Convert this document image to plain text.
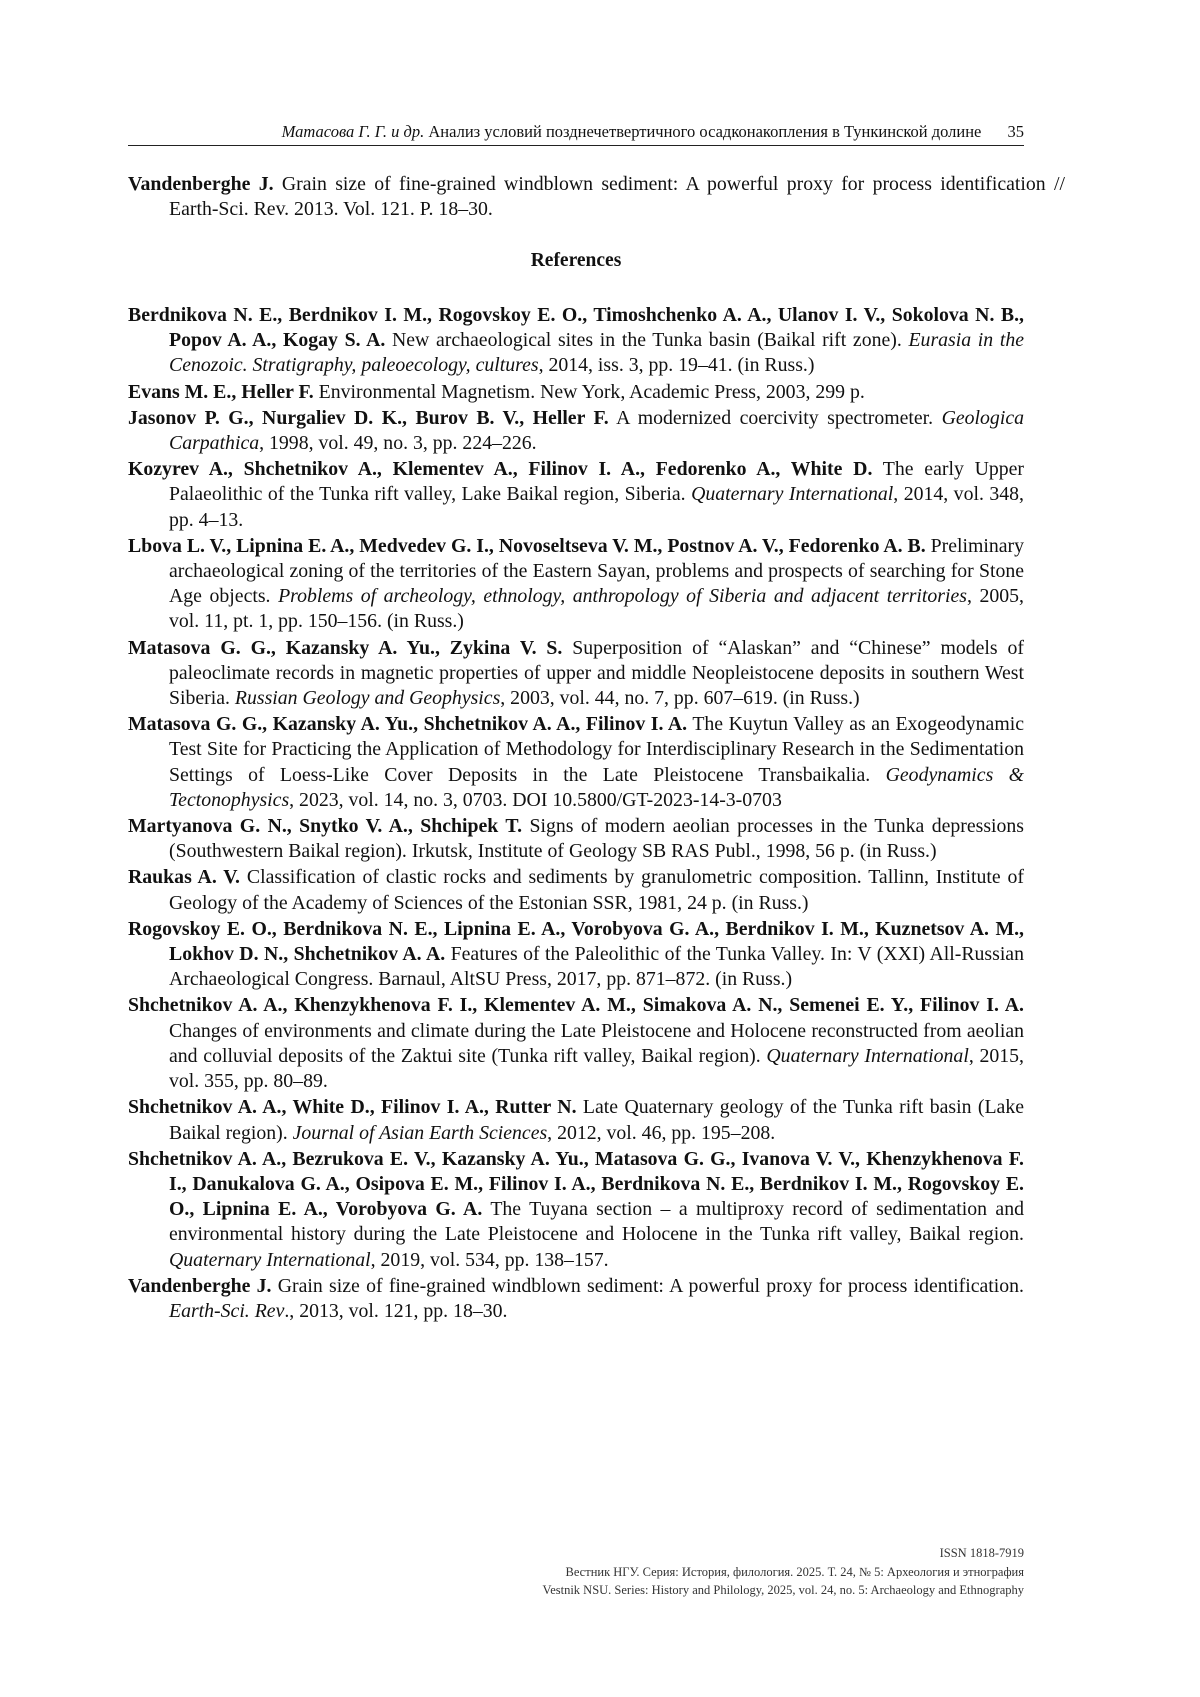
Матасова Г. Г. и др. Анализ условий позднечетвертичного осадконакопления в Тункинской долине 35
Vandenberghe J. Grain size of fine-grained windblown sediment: A powerful proxy for process identification // Earth-Sci. Rev. 2013. Vol. 121. P. 18–30.
References

Berdnikova N. E., Berdnikov I. M., Rogovskoy E. O., Timoshchenko A. A., Ulanov I. V., Sokolova N. B., Popov A. A., Kogay S. A. New archaeological sites in the Tunka basin (Baikal rift zone). Eurasia in the Cenozoic. Stratigraphy, paleoecology, cultures, 2014, iss. 3, pp. 19–41. (in Russ.)

Evans M. E., Heller F. Environmental Magnetism. New York, Academic Press, 2003, 299 p.

Jasonov P. G., Nurgaliev D. K., Burov B. V., Heller F. A modernized coercivity spectrometer. Geologica Carpathica, 1998, vol. 49, no. 3, pp. 224–226.

Kozyrev A., Shchetnikov A., Klementev A., Filinov I. A., Fedorenko A., White D. The early Upper Palaeolithic of the Tunka rift valley, Lake Baikal region, Siberia. Quaternary International, 2014, vol. 348, pp. 4–13.

Lbova L. V., Lipnina E. A., Medvedev G. I., Novoseltseva V. M., Postnov A. V., Fedorenko A. B. Preliminary archaeological zoning of the territories of the Eastern Sayan, problems and prospects of searching for Stone Age objects. Problems of archeology, ethnology, anthropology of Siberia and adjacent territories, 2005, vol. 11, pt. 1, pp. 150–156. (in Russ.)

Matasova G. G., Kazansky A. Yu., Zykina V. S. Superposition of “Alaskan” and “Chinese” models of paleoclimate records in magnetic properties of upper and middle Neopleistocene deposits in southern West Siberia. Russian Geology and Geophysics, 2003, vol. 44, no. 7, pp. 607–619. (in Russ.)

Matasova G. G., Kazansky A. Yu., Shchetnikov A. A., Filinov I. A. The Kuytun Valley as an Exogeodynamic Test Site for Practicing the Application of Methodology for Interdisciplinary Research in the Sedimentation Settings of Loess-Like Cover Deposits in the Late Pleistocene Transbaikalia. Geodynamics & Tectonophysics, 2023, vol. 14, no. 3, 0703. DOI 10.5800/GT-2023-14-3-0703

Martyanova G. N., Snytko V. A., Shchipek T. Signs of modern aeolian processes in the Tunka depressions (Southwestern Baikal region). Irkutsk, Institute of Geology SB RAS Publ., 1998, 56 p. (in Russ.)

Raukas A. V. Classification of clastic rocks and sediments by granulometric composition. Tallinn, Institute of Geology of the Academy of Sciences of the Estonian SSR, 1981, 24 p. (in Russ.)

Rogovskoy E. O., Berdnikova N. E., Lipnina E. A., Vorobyova G. A., Berdnikov I. M., Kuznetsov A. M., Lokhov D. N., Shchetnikov A. A. Features of the Paleolithic of the Tunka Valley. In: V (XXI) All-Russian Archaeological Congress. Barnaul, AltSU Press, 2017, pp. 871–872. (in Russ.)

Shchetnikov A. A., Khenzykhenova F. I., Klementev A. M., Simakova A. N., Semenei E. Y., Filinov I. A. Changes of environments and climate during the Late Pleistocene and Holocene reconstructed from aeolian and colluvial deposits of the Zaktui site (Tunka rift valley, Baikal region). Quaternary International, 2015, vol. 355, pp. 80–89.

Shchetnikov A. A., White D., Filinov I. A., Rutter N. Late Quaternary geology of the Tunka rift basin (Lake Baikal region). Journal of Asian Earth Sciences, 2012, vol. 46, pp. 195–208.

Shchetnikov A. A., Bezrukova E. V., Kazansky A. Yu., Matasova G. G., Ivanova V. V., Khenzykhenova F. I., Danukalova G. A., Osipova E. M., Filinov I. A., Berdnikova N. E., Berdnikov I. M., Rogovskoy E. O., Lipnina E. A., Vorobyova G. A. The Tuyana section – a multiproxy record of sedimentation and environmental history during the Late Pleistocene and Holocene in the Tunka rift valley, Baikal region. Quaternary International, 2019, vol. 534, pp. 138–157.

Vandenberghe J. Grain size of fine-grained windblown sediment: A powerful proxy for process identification. Earth-Sci. Rev., 2013, vol. 121, pp. 18–30.

ISSN 1818-7919
Вестник НГУ. Серия: История, филология. 2025. Т. 24, № 5: Археология и этнография
Vestnik NSU. Series: History and Philology, 2025, vol. 24, no. 5: Archaeology and Ethnography
